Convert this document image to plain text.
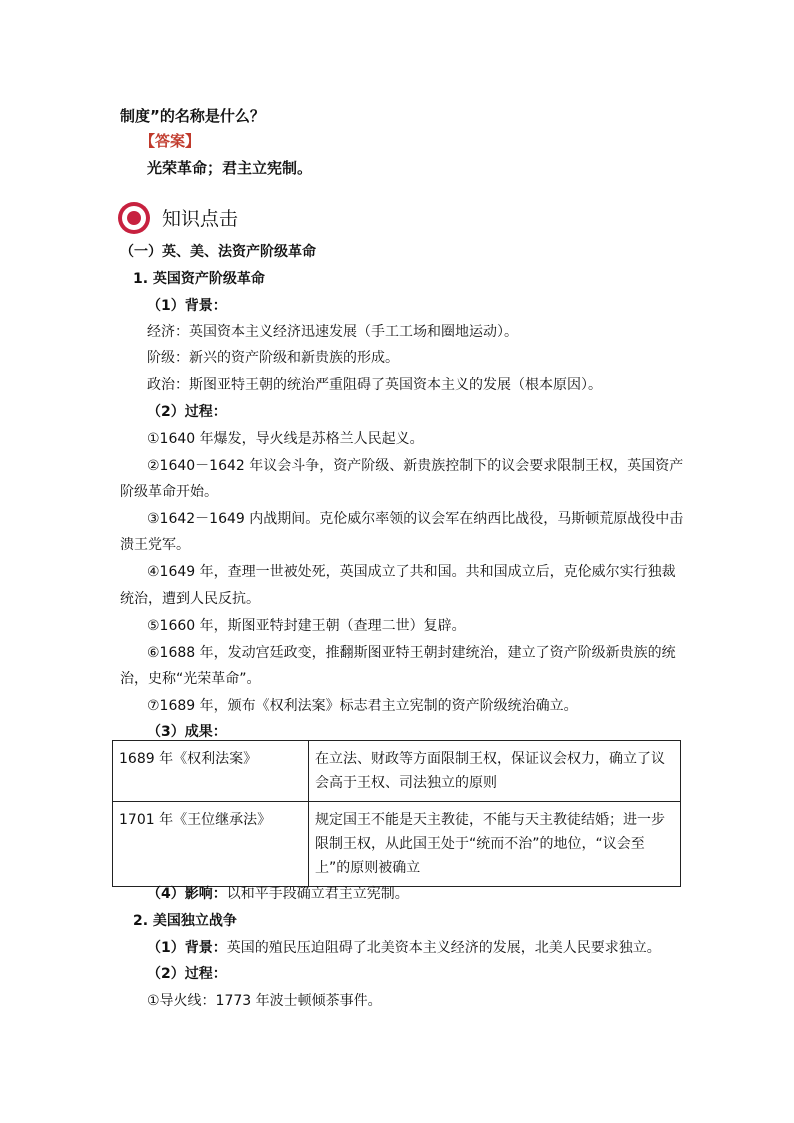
制度”的名称是什么？
【答案】
光荣革命；君主立宪制。
知识点击
（一）英、美、法资产阶级革命
1. 英国资产阶级革命
（1）背景：
经济：英国资本主义经济迅速发展（手工工场和圈地运动）。
阶级：新兴的资产阶级和新贵族的形成。
政治：斯图亚特王朝的统治严重阻碍了英国资本主义的发展（根本原因）。
（2）过程：
①1640 年爆发，导火线是苏格兰人民起义。
②1640－1642 年议会斗争，资产阶级、新贵族控制下的议会要求限制王权，英国资产
阶级革命开始。
③1642－1649 内战期间。克伦威尔率领的议会军在纳西比战役，马斯顿荒原战役中击
溃王党军。
④1649 年，查理一世被处死，英国成立了共和国。共和国成立后，克伦威尔实行独裁
统治，遭到人民反抗。
⑤1660 年，斯图亚特封建王朝（查理二世）复辟。
⑥1688 年，发动宫廷政变，推翻斯图亚特王朝封建统治，建立了资产阶级新贵族的统
治，史称“光荣革命”。
⑦1689 年，颁布《权利法案》标志君主立宪制的资产阶级统治确立。
（3）成果：
1689 年《权利法案》	在立法、财政等方面限制王权，保证议会权力，确立了议会高于王权、司法独立的原则
1701 年《王位继承法》	规定国王不能是天主教徒，不能与天主教徒结婚；进一步限制王权，从此国王处于“统而不治”的地位，“议会至上”的原则被确立
（4）影响：以和平手段确立君主立宪制。
2. 美国独立战争
（1）背景：英国的殖民压迫阻碍了北美资本主义经济的发展，北美人民要求独立。
（2）过程：
①导火线：1773 年波士顿倾茶事件。
